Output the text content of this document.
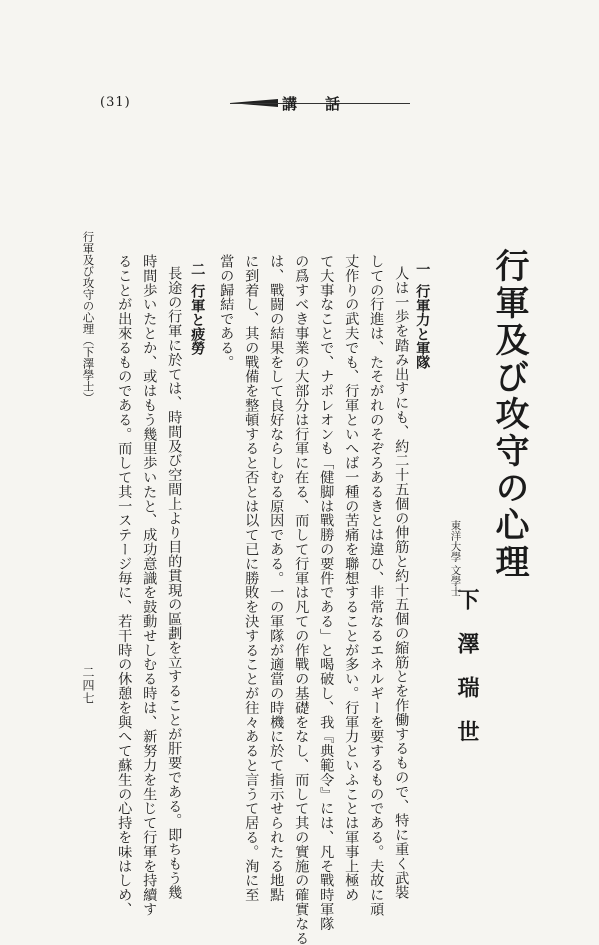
(31)	講話
行軍及び攻守の心理
東洋大學
文學士
下澤瑞世
一行軍力と軍隊
人は一歩を踏み出すにも、約二十五個の伸筋と約十五個の縮筋とを作働するもので、特に重く武裝
しての行進は、たそがれのそぞろあるきとは違ひ、非常なるエネルギーを要するものである。夫故に頑
丈作りの武夫でも、行軍といへば一種の苦痛を聯想することが多い。行軍力といふことは軍事上極め
て大事なことで、ナポレオンも「健脚は戰勝の要件である」と喝破し、我『典範令』には、凡そ戰時軍隊
の爲すべき事業の大部分は行軍に在る、而して行軍は凡ての作戰の基礎をなし、而して其の實施の確實なる
は、戰闘の結果をして良好ならしむる原因である。一の軍隊が適當の時機に於て指示せられたる地點
に到着し、其の戰備を整頓すると否とは以て已に勝敗を決することが往々あると言うて居る。洵に至
當の歸結である。
二行軍と疲勞
長途の行軍に於ては、時間及び空間上より目的貫現の區劃を立することが肝要である。即ちもう幾
時間歩いたとか、或はもう幾里歩いたと、成功意識を鼓動せしむる時は、新努力を生じて行軍を持續す
ることが出來るものである。而して其一ステージ毎に、若干時の休憩を與へて蘇生の心持を味はしめ、
行軍及び攻守の心理（下澤學士）
二四七
